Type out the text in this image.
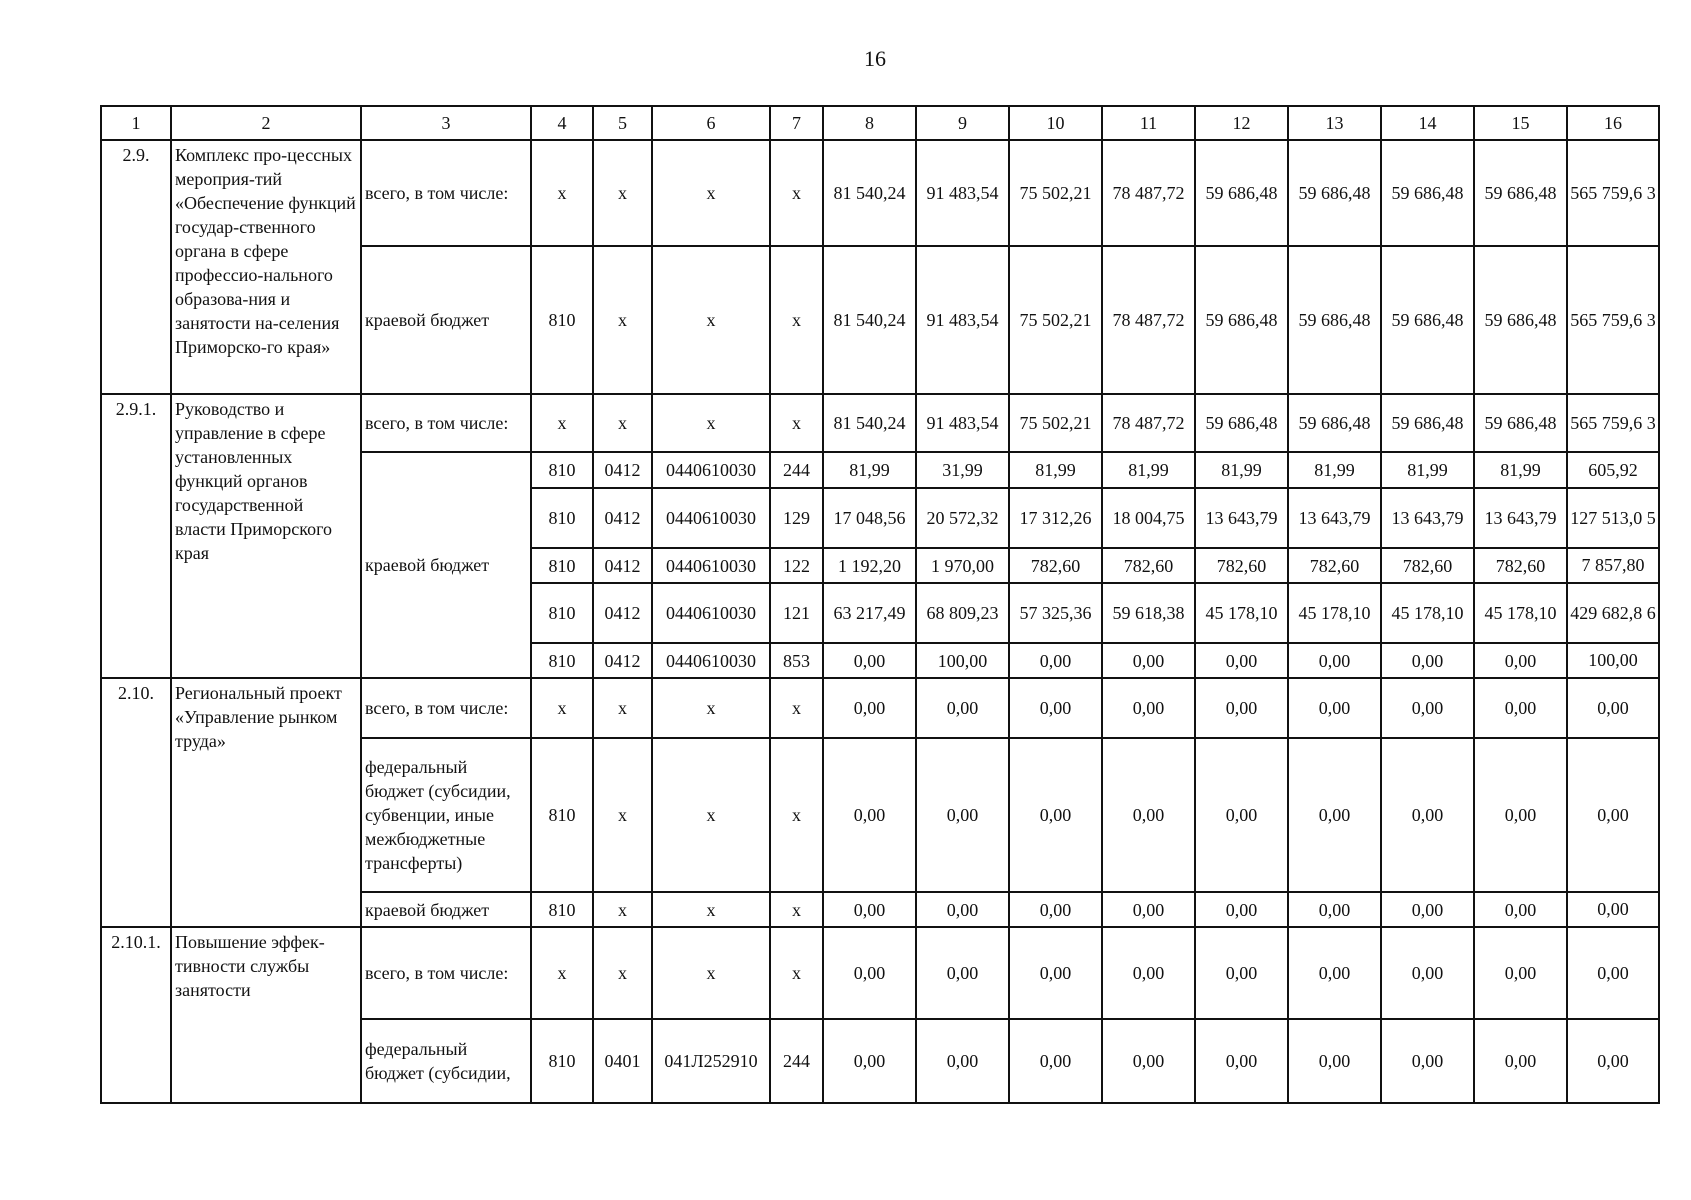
16
1	2	3	4	5	6	7	8	9	10	11	12	13	14	15	16
2.9.	Комплекс про-цессных мероприя-тий «Обеспечение функций государ-ственного органа в сфере профессио-нального образова-ния и занятости на-селения Приморско-го края»	всего, в том числе:	x	x	x	x	81 540,24	91 483,54	75 502,21	78 487,72	59 686,48	59 686,48	59 686,48	59 686,48	565 759,6 3
		краевой бюджет	810	x	x	x	81 540,24	91 483,54	75 502,21	78 487,72	59 686,48	59 686,48	59 686,48	59 686,48	565 759,6 3
2.9.1.	Руководство и управление в сфере установленных функций органов государственной власти Приморского края	всего, в том числе:	x	x	x	x	81 540,24	91 483,54	75 502,21	78 487,72	59 686,48	59 686,48	59 686,48	59 686,48	565 759,6 3
		краевой бюджет	810	0412	0440610030	244	81,99	31,99	81,99	81,99	81,99	81,99	81,99	81,99	605,92
			810	0412	0440610030	129	17 048,56	20 572,32	17 312,26	18 004,75	13 643,79	13 643,79	13 643,79	13 643,79	127 513,0 5
			810	0412	0440610030	122	1 192,20	1 970,00	782,60	782,60	782,60	782,60	782,60	782,60	7 857,80
			810	0412	0440610030	121	63 217,49	68 809,23	57 325,36	59 618,38	45 178,10	45 178,10	45 178,10	45 178,10	429 682,8 6
			810	0412	0440610030	853	0,00	100,00	0,00	0,00	0,00	0,00	0,00	0,00	100,00
2.10.	Региональный проект «Управление рынком труда»	всего, в том числе:	x	x	x	x	0,00	0,00	0,00	0,00	0,00	0,00	0,00	0,00	0,00
		федеральный бюджет (субсидии, субвенции, иные межбюджетные трансферты)	810	x	x	x	0,00	0,00	0,00	0,00	0,00	0,00	0,00	0,00	0,00
		краевой бюджет	810	x	x	x	0,00	0,00	0,00	0,00	0,00	0,00	0,00	0,00	0,00
2.10.1.	Повышение эффек-тивности службы занятости	всего, в том числе:	x	x	x	x	0,00	0,00	0,00	0,00	0,00	0,00	0,00	0,00	0,00
		федеральный бюджет (субсидии,	810	0401	041Л252910	244	0,00	0,00	0,00	0,00	0,00	0,00	0,00	0,00	0,00
